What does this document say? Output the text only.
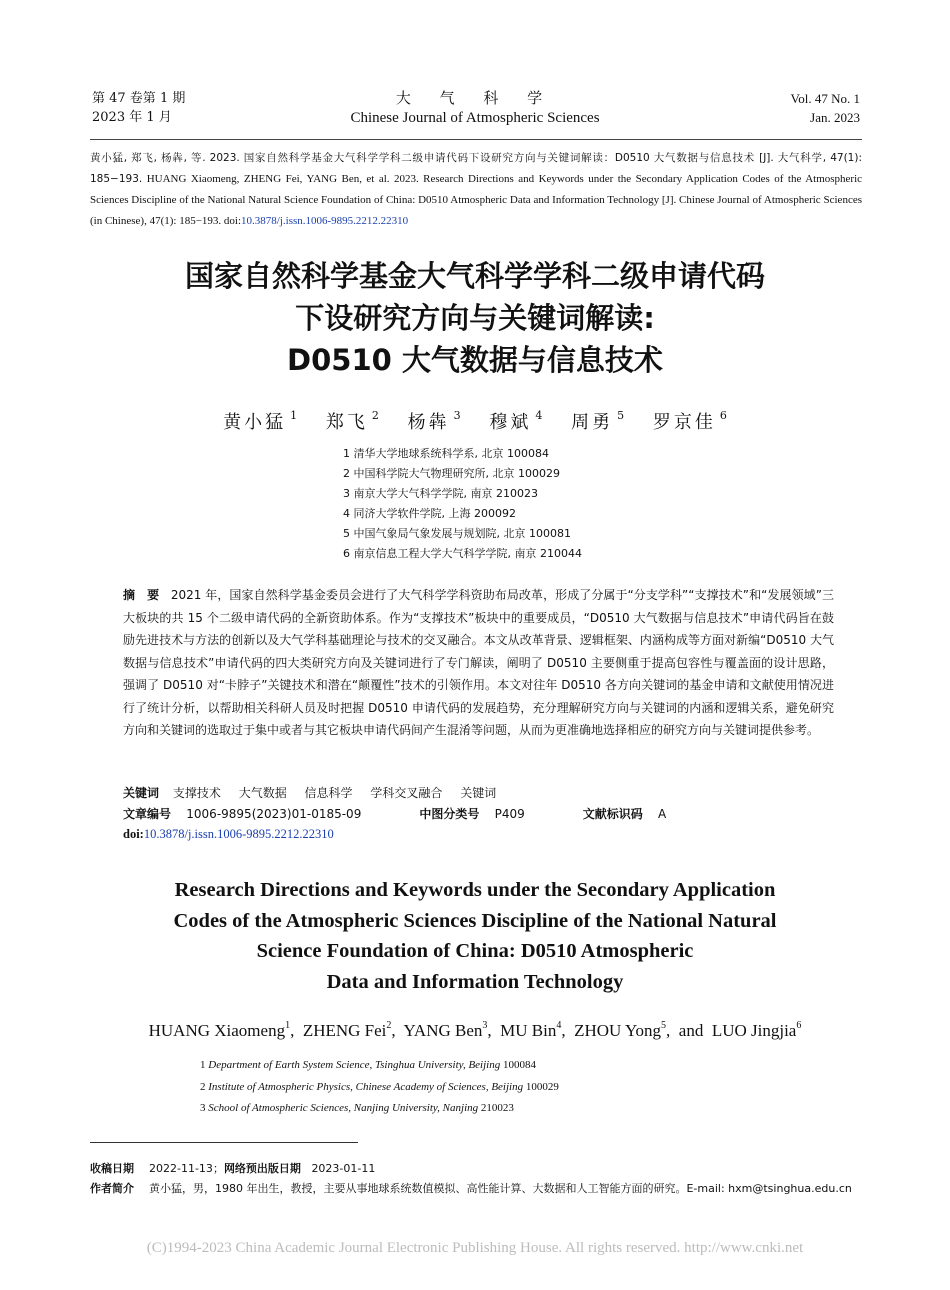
第 47 卷第 1 期
2023 年 1 月
大 气 科 学
Chinese Journal of Atmospheric Sciences
Vol. 47 No. 1
Jan. 2023
黄小猛, 郑飞, 杨犇, 等. 2023. 国家自然科学基金大气科学学科二级申请代码下设研究方向与关键词解读：D0510 大气数据与信息技术 [J]. 大气科学, 47(1): 185−193. HUANG Xiaomeng, ZHENG Fei, YANG Ben, et al. 2023. Research Directions and Keywords under the Secondary Application Codes of the Atmospheric Sciences Discipline of the National Natural Science Foundation of China: D0510 Atmospheric Data and Information Technology [J]. Chinese Journal of Atmospheric Sciences (in Chinese), 47(1): 185−193. doi:10.3878/j.issn.1006-9895.2212.22310
国家自然科学基金大气科学学科二级申请代码
下设研究方向与关键词解读:
D0510 大气数据与信息技术
黄小猛 $^1$ 郑飞 $^2$ 杨犇 $^3$ 穆斌 $^4$ 周勇 $^5$ 罗京佳 $^6$
1 清华大学地球系统科学系, 北京 100084
2 中国科学院大气物理研究所, 北京 100029
3 南京大学大气科学学院, 南京 210023
4 同济大学软件学院, 上海 200092
5 中国气象局气象发展与规划院, 北京 100081
6 南京信息工程大学大气科学学院, 南京 210044
摘　要 2021 年，国家自然科学基金委员会进行了大气科学学科资助布局改革，形成了分属于“分支学科”“支撑技术”和“发展领域”三大板块的共 15 个二级申请代码的全新资助体系。作为“支撑技术”板块中的重要成员，“D0510 大气数据与信息技术”申请代码旨在鼓励先进技术与方法的创新以及大气学科基础理论与技术的交叉融合。本文从改革背景、逻辑框架、内涵构成等方面对新编“D0510 大气数据与信息技术”申请代码的四大类研究方向及关键词进行了专门解读，阐明了 D0510 主要侧重于提高包容性与覆盖面的设计思路，强调了 D0510 对“卡脖子”关键技术和潜在“颠覆性”技术的引领作用。本文对往年 D0510 各方向关键词的基金申请和文献使用情况进行了统计分析，以帮助相关科研人员及时把握 D0510 申请代码的发展趋势，充分理解研究方向与关键词的内涵和逻辑关系，避免研究方向和关键词的选取过于集中或者与其它板块申请代码间产生混淆等问题，从而为更准确地选择相应的研究方向与关键词提供参考。
关键词 支撑技术 大气数据 信息科学 学科交叉融合 关键词
文章编号 1006-9895(2023)01-0185-09	中图分类号 P409	文献标识码 A
doi:10.3878/j.issn.1006-9895.2212.22310
Research Directions and Keywords under the Secondary Application
Codes of the Atmospheric Sciences Discipline of the National Natural
Science Foundation of China: D0510 Atmospheric
Data and Information Technology
HUANG Xiaomeng$^1$,  ZHENG Fei$^2$,  YANG Ben$^3$,  MU Bin$^4$,  ZHOU Yong$^5$,  and LUO Jingjia$^6$
1 Department of Earth System Science, Tsinghua University, Beijing 100084
2 Institute of Atmospheric Physics, Chinese Academy of Sciences, Beijing 100029
3 School of Atmospheric Sciences, Nanjing University, Nanjing 210023
收稿日期	2022-11-13；网络预出版日期 2023-01-11
作者简介	黄小猛，男，1980 年出生，教授，主要从事地球系统数值模拟、高性能计算、大数据和人工智能方面的研究。E-mail: hxm@tsinghua.edu.cn
(C)1994-2023 China Academic Journal Electronic Publishing House. All rights reserved. http://www.cnki.net
